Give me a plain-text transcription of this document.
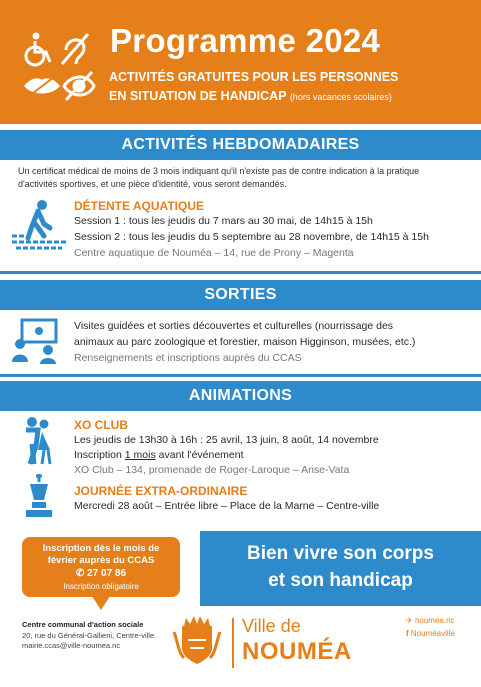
Programme 2024
ACTIVITÉS GRATUITES POUR LES PERSONNES
EN SITUATION DE HANDICAP (hors vacances scolaires)
ACTIVITÉS HEBDOMADAIRES
Un certificat médical de moins de 3 mois indiquant qu'il n'existe pas de contre indication à la pratique
d'activités sportives, et une pièce d'identité, vous seront demandés.
DÉTENTE AQUATIQUE
Session 1 : tous les jeudis du 7 mars au 30 mai, de 14h15 à 15h
Session 2 : tous les jeudis du 5 septembre au 28 novembre, de 14h15 à 15h
Centre aquatique de Nouméa – 14, rue de Prony – Magenta
SORTIES
Visites guidées et sorties découvertes et culturelles (nourrissage des
animaux au parc zoologique et forestier, maison Higginson, musées, etc.)
Renseignements et inscriptions auprès du CCAS
ANIMATIONS
XO CLUB
Les jeudis de 13h30 à 16h : 25 avril, 13 juin, 8 août, 14 novembre
Inscription 1 mois avant l'événement
XO Club – 134, promenade de Roger-Laroque – Anse-Vata
JOURNÉE EXTRA-ORDINAIRE
Mercredi 28 août – Entrée libre – Place de la Marne – Centre-ville
Bien vivre son corps
et son handicap
Inscription dès le mois de
février auprès du CCAS
✆ 27 07 86
Inscription obligatoire
Centre communal d'action sociale
20, rue du Général-Gallieni, Centre-ville
mairie.ccas@ville-noumea.nc
Ville de
NOUMÉA
✈ noumea.nc
f Nouméaville
